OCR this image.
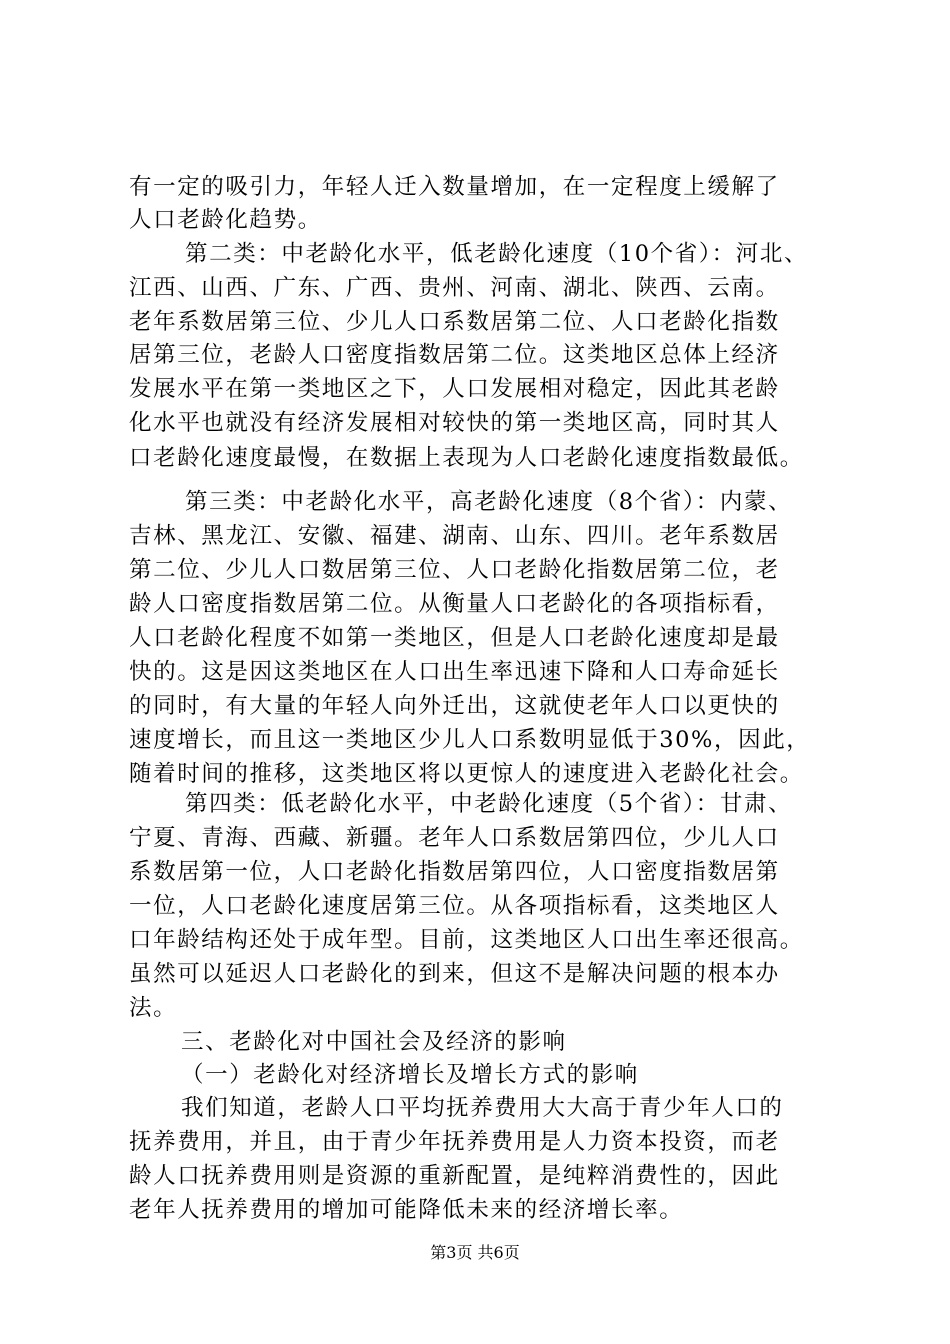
有一定的吸引力，年轻人迁入数量增加，在一定程度上缓解了
人口老龄化趋势。
第二类：中老龄化水平，低老龄化速度（10个省）：河北、
江西、山西、广东、广西、贵州、河南、湖北、陕西、云南。
老年系数居第三位、少儿人口系数居第二位、人口老龄化指数
居第三位，老龄人口密度指数居第二位。这类地区总体上经济
发展水平在第一类地区之下，人口发展相对稳定，因此其老龄
化水平也就没有经济发展相对较快的第一类地区高，同时其人
口老龄化速度最慢，在数据上表现为人口老龄化速度指数最低。
第三类：中老龄化水平，高老龄化速度（8个省）：内蒙、
吉林、黑龙江、安徽、福建、湖南、山东、四川。老年系数居
第二位、少儿人口数居第三位、人口老龄化指数居第二位，老
龄人口密度指数居第二位。从衡量人口老龄化的各项指标看，
人口老龄化程度不如第一类地区，但是人口老龄化速度却是最
快的。这是因这类地区在人口出生率迅速下降和人口寿命延长
的同时，有大量的年轻人向外迁出，这就使老年人口以更快的
速度增长，而且这一类地区少儿人口系数明显低于30%，因此，
随着时间的推移，这类地区将以更惊人的速度进入老龄化社会。
第四类：低老龄化水平，中老龄化速度（5个省）：甘肃、
宁夏、青海、西藏、新疆。老年人口系数居第四位，少儿人口
系数居第一位，人口老龄化指数居第四位，人口密度指数居第
一位，人口老龄化速度居第三位。从各项指标看，这类地区人
口年龄结构还处于成年型。目前，这类地区人口出生率还很高。
虽然可以延迟人口老龄化的到来，但这不是解决问题的根本办
法。
三、老龄化对中国社会及经济的影响
（一）老龄化对经济增长及增长方式的影响
我们知道，老龄人口平均抚养费用大大高于青少年人口的
抚养费用，并且，由于青少年抚养费用是人力资本投资，而老
龄人口抚养费用则是资源的重新配置，是纯粹消费性的，因此
老年人抚养费用的增加可能降低未来的经济增长率。
第3页 共6页
